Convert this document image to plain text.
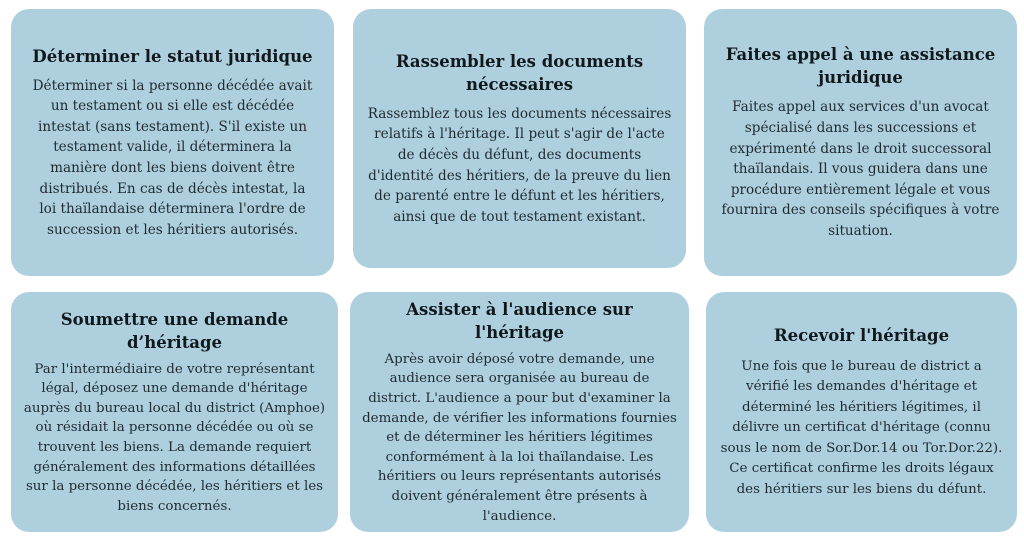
Déterminer le statut juridique

Déterminer si la personne décédée avait un testament ou si elle est décédée intestat (sans testament). S'il existe un testament valide, il déterminera la manière dont les biens doivent être distribués. En cas de décès intestat, la loi thaïlandaise déterminera l'ordre de succession et les héritiers autorisés.

Rassembler les documents nécessaires

Rassemblez tous les documents nécessaires relatifs à l'héritage. Il peut s'agir de l'acte de décès du défunt, des documents d'identité des héritiers, de la preuve du lien de parenté entre le défunt et les héritiers, ainsi que de tout testament existant.

Faites appel à une assistance juridique

Faites appel aux services d'un avocat spécialisé dans les successions et expérimenté dans le droit successoral thaïlandais. Il vous guidera dans une procédure entièrement légale et vous fournira des conseils spécifiques à votre situation.

Soumettre une demande d’héritage

Par l'intermédiaire de votre représentant légal, déposez une demande d'héritage auprès du bureau local du district (Amphoe) où résidait la personne décédée ou où se trouvent les biens. La demande requiert généralement des informations détaillées sur la personne décédée, les héritiers et les biens concernés.

Assister à l'audience sur l'héritage

Après avoir déposé votre demande, une audience sera organisée au bureau de district. L'audience a pour but d'examiner la demande, de vérifier les informations fournies et de déterminer les héritiers légitimes conformément à la loi thaïlandaise. Les héritiers ou leurs représentants autorisés doivent généralement être présents à l'audience.

Recevoir l'héritage

Une fois que le bureau de district a vérifié les demandes d'héritage et déterminé les héritiers légitimes, il délivre un certificat d'héritage (connu sous le nom de Sor.Dor.14 ou Tor.Dor.22). Ce certificat confirme les droits légaux des héritiers sur les biens du défunt.
